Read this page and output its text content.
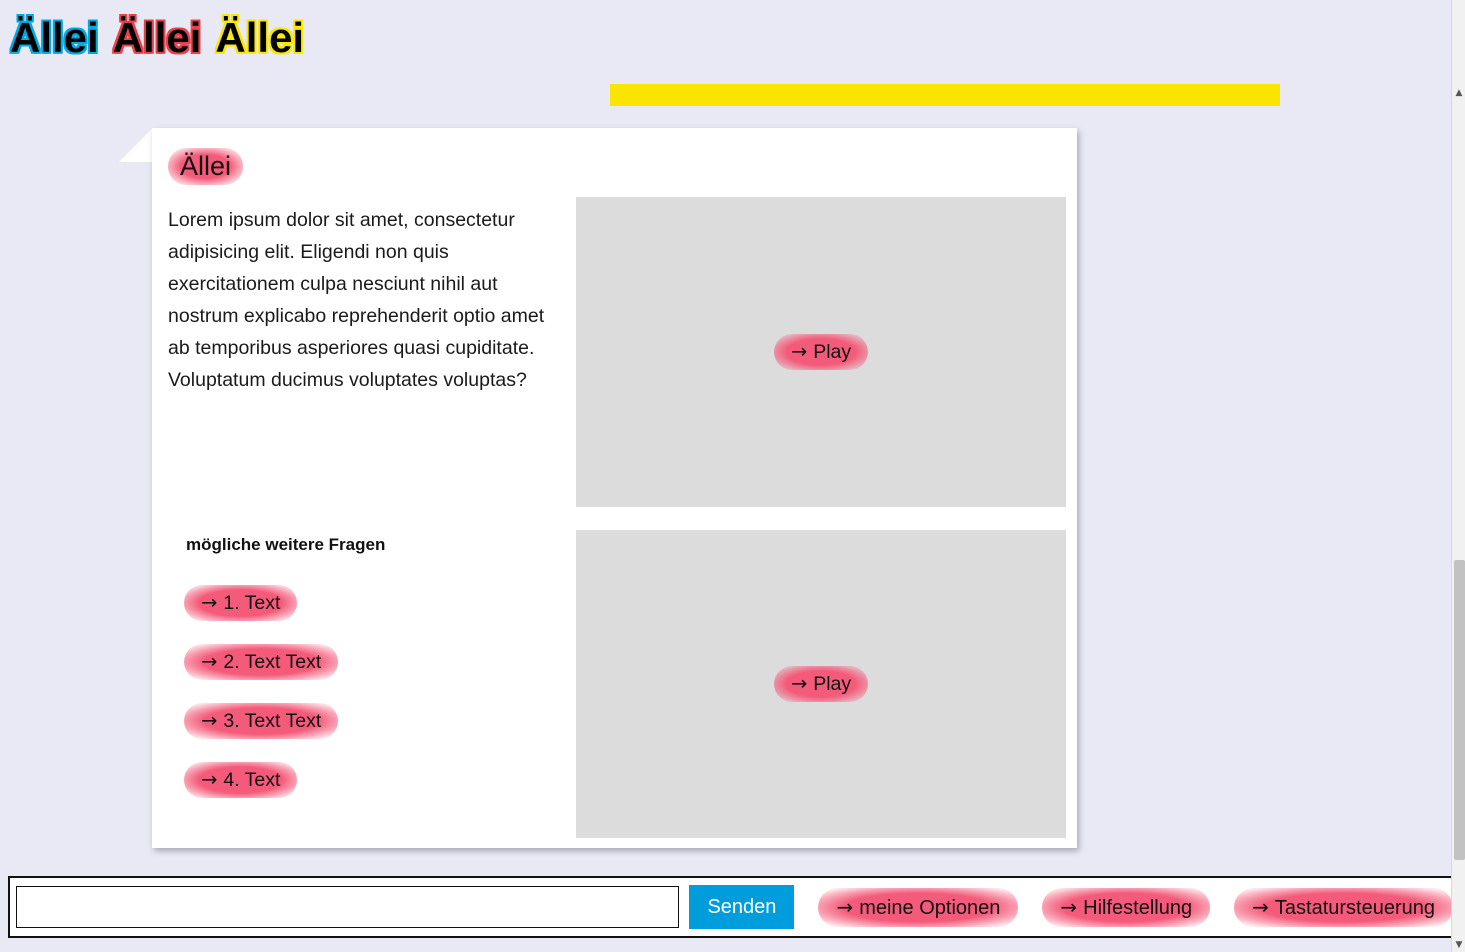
Ällei Ällei Ällei
Ällei
Lorem ipsum dolor sit amet, consectetur adipisicing elit. Eligendi non quis exercitationem culpa nesciunt nihil aut nostrum explicabo reprehenderit optio amet ab temporibus asperiores quasi cupiditate. Voluptatum ducimus voluptates voluptas?
→ Play
→ Play
mögliche weitere Fragen
→ 1. Text
→ 2. Text Text
→ 3. Text Text
→ 4. Text
Senden	→ meine Optionen	→ Hilfestellung	→ Tastatursteuerung
▲
▼
